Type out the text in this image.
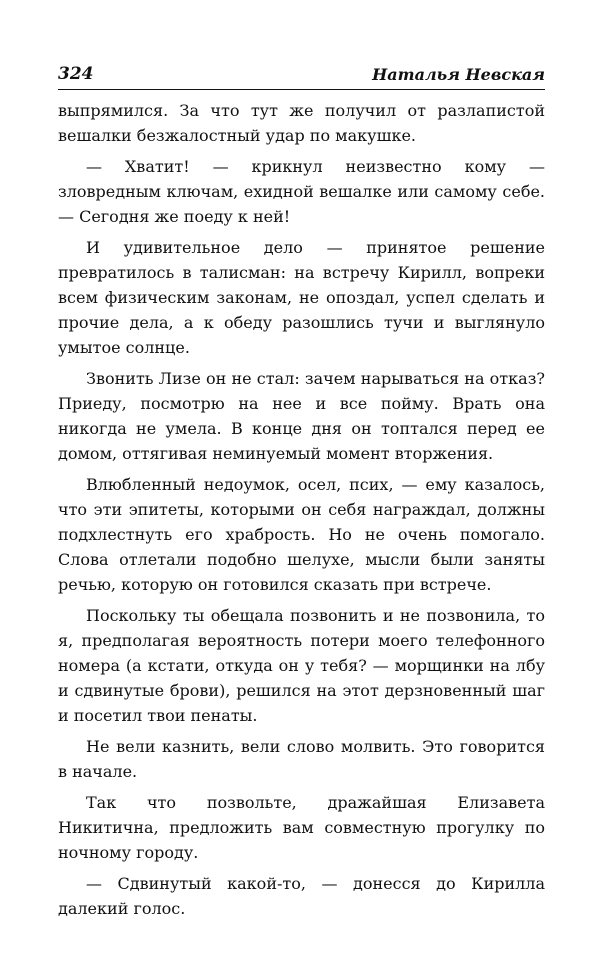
324	Наталья Невская

выпрямился. За что тут же получил от разлапистой вешалки безжалостный удар по макушке.

— Хватит! — крикнул неизвестно кому — зловредным ключам, ехидной вешалке или самому себе. — Сегодня же поеду к ней!

И удивительное дело — принятое решение превратилось в талисман: на встречу Кирилл, вопреки всем физическим законам, не опоздал, успел сделать и прочие дела, а к обеду разошлись тучи и выглянуло умытое солнце.

Звонить Лизе он не стал: зачем нарываться на отказ? Приеду, посмотрю на нее и все пойму. Врать она никогда не умела. В конце дня он топтался перед ее домом, оттягивая неминуемый момент вторжения.

Влюбленный недоумок, осел, псих, — ему казалось, что эти эпитеты, которыми он себя награждал, должны подхлестнуть его храбрость. Но не очень помогало. Слова отлетали подобно шелухе, мысли были заняты речью, которую он готовился сказать при встрече.

Поскольку ты обещала позвонить и не позвонила, то я, предполагая вероятность потери моего телефонного номера (а кстати, откуда он у тебя? — морщинки на лбу и сдвинутые брови), решился на этот дерзновенный шаг и посетил твои пенаты.

Не вели казнить, вели слово молвить. Это говорится в начале.

Так что позвольте, дражайшая Елизавета Никитична, предложить вам совместную прогулку по ночному городу.

— Сдвинутый какой-то, — донесся до Кирилла далекий голос.
